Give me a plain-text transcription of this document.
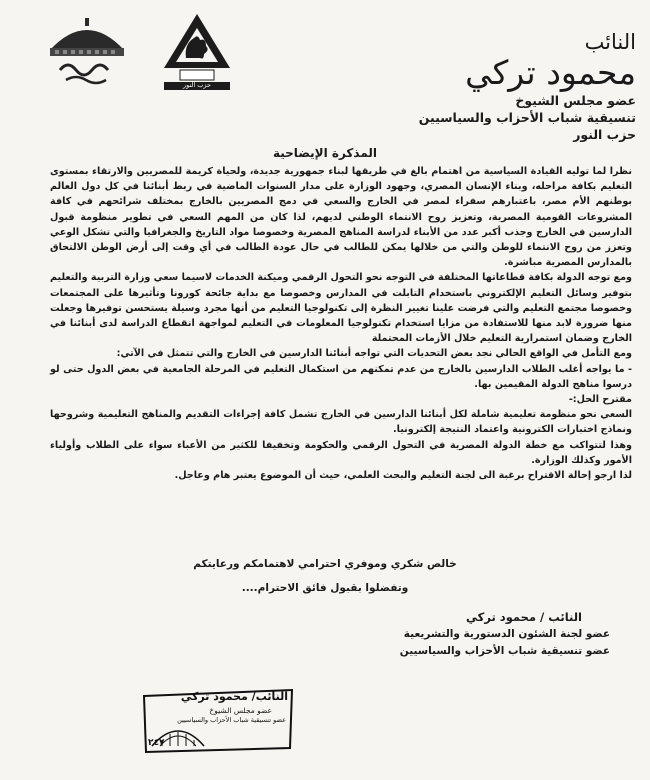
حزب النور
النائب
محمود تركي
عضو مجلس الشيوخ
تنسيقية شباب الأحزاب والسياسيين
حزب النور
المذكرة الإيضاحية

نظرا لما توليه القيادة السياسية من اهتمام بالغ في طريقها لبناء جمهورية جديدة، ولحياة كريمة للمصريين والارتقاء بمستوى التعليم بكافة مراحله، وبناء الإنسان المصري، وجهود الوزارة على مدار السنوات الماضية في ربط أبنائنا في كل دول العالم بوطنهم الأم مصر، باعتبارهم سفراء لمصر في الخارج والسعي في دمج المصريين بالخارج بمختلف شرائحهم في كافة المشروعات القومية المصرية، وتعزيز روح الانتماء الوطني لديهم، لذا كان من المهم السعي في تطوير منظومة قبول الدارسين في الخارج وجذب أكبر عدد من الأبناء لدراسة المناهج المصرية وخصوصا مواد التاريخ والجغرافيا والتي تشكل الوعي وتعزز من روح الانتماء للوطن والتي من خلالها يمكن للطالب في حال عودة الطالب في أي وقت إلى أرض الوطن الالتحاق بالمدارس المصرية مباشرة.

ومع توجه الدولة بكافة قطاعاتها المختلفة في التوجه نحو التحول الرقمي وميكنة الخدمات لاسيما سعي وزارة التربية والتعليم بتوفير وسائل التعليم الإلكتروني باستخدام التابلت في المدارس وخصوصا مع بداية جائحة كورونا وتأثيرها على المجتمعات وخصوصا مجتمع التعليم والتي فرضت علينا تغيير النظرة إلى تكنولوجيا التعليم من أنها مجرد وسيلة يستحسن توفيرها وجعلت منها ضرورة لابد منها للاستفادة من مزايا استخدام تكنولوجيا المعلومات في التعليم لمواجهة انقطاع الدراسة لدى أبنائنا في الخارج وضمان استمرارية التعليم خلال الأزمات المحتملة

ومع التأمل في الواقع الحالي نجد بعض التحديات التي تواجه أبنائنا الدارسين في الخارج والتي تتمثل في الآتي:

- ما يواجه أغلب الطلاب الدارسين بالخارج من عدم تمكنهم من استكمال التعليم في المرحلة الجامعية في بعض الدول حتى لو درسوا مناهج الدولة المقيمين بها.

مقترح الحل:-

السعي نحو منظومة تعليمية شاملة لكل أبنائنا الدارسين في الخارج تشمل كافة إجراءات التقديم والمناهج التعليمية وشروحها ونماذج اختبارات الكترونية واعتماد النتيجة إلكترونيا.

وهذا لتتواكب مع خطة الدولة المصرية في التحول الرقمي والحكومة وتخفيفا للكثير من الأعباء سواء على الطلاب وأولياء الأمور وكذلك الوزارة.

لذا ارجو إحالة الاقتراح برغبة الى لجنة التعليم والبحث العلمي، حيث أن الموضوع يعتبر هام وعاجل.

خالص شكري وموفري احترامي لاهتمامكم ورعايتكم
وتفضلوا بقبول فائق الاحترام....
النائب / محمود تركي
عضو لجنة الشئون الدستورية والتشريعية
عضو تنسيقية شباب الأحزاب والسياسيين
النائب/ محمود تركي
عضو مجلس الشيوخ
عضو تنسيقية شباب الأحزاب والسياسيين
٢٤٧
